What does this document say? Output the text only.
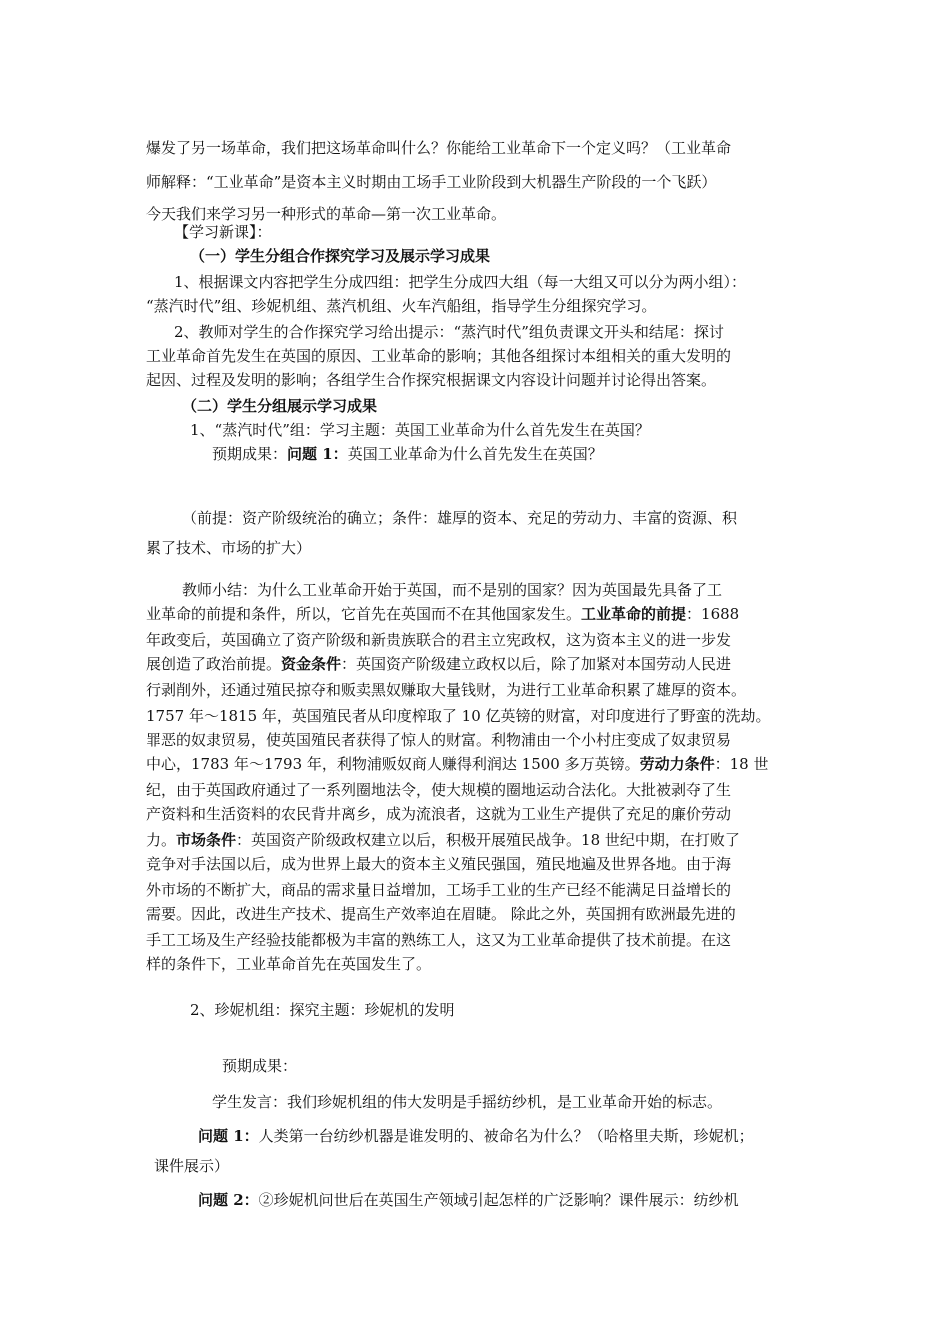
爆发了另一场革命，我们把这场革命叫什么？你能给工业革命下一个定义吗？（工业革命

师解释：“工业革命”是资本主义时期由工场手工业阶段到大机器生产阶段的一个飞跃）

今天我们来学习另一种形式的革命—第一次工业革命。

【学习新课】：

（一）学生分组合作探究学习及展示学习成果

1、根据课文内容把学生分成四组：把学生分成四大组（每一大组又可以分为两小组）：

“蒸汽时代”组、珍妮机组、蒸汽机组、火车汽船组，指导学生分组探究学习。

2、教师对学生的合作探究学习给出提示：“蒸汽时代”组负责课文开头和结尾：探讨

工业革命首先发生在英国的原因、工业革命的影响；其他各组探讨本组相关的重大发明的

起因、过程及发明的影响；各组学生合作探究根据课文内容设计问题并讨论得出答案。

（二）学生分组展示学习成果

1、“蒸汽时代”组：学习主题：英国工业革命为什么首先发生在英国？

预期成果：问题 1：英国工业革命为什么首先发生在英国？

（前提：资产阶级统治的确立；条件：雄厚的资本、充足的劳动力、丰富的资源、积

累了技术、市场的扩大）

教师小结：为什么工业革命开始于英国，而不是别的国家？因为英国最先具备了工

业革命的前提和条件，所以，它首先在英国而不在其他国家发生。工业革命的前提：1688

年政变后，英国确立了资产阶级和新贵族联合的君主立宪政权，这为资本主义的进一步发

展创造了政治前提。资金条件：英国资产阶级建立政权以后，除了加紧对本国劳动人民进

行剥削外，还通过殖民掠夺和贩卖黑奴赚取大量钱财，为进行工业革命积累了雄厚的资本。

1757 年～1815 年，英国殖民者从印度榨取了 10 亿英镑的财富，对印度进行了野蛮的洗劫。

罪恶的奴隶贸易，使英国殖民者获得了惊人的财富。利物浦由一个小村庄变成了奴隶贸易

中心，1783 年～1793 年，利物浦贩奴商人赚得利润达 1500 多万英镑。劳动力条件：18 世

纪，由于英国政府通过了一系列圈地法令，使大规模的圈地运动合法化。大批被剥夺了生

产资料和生活资料的农民背井离乡，成为流浪者，这就为工业生产提供了充足的廉价劳动

力。市场条件：英国资产阶级政权建立以后，积极开展殖民战争。18 世纪中期，在打败了

竞争对手法国以后，成为世界上最大的资本主义殖民强国，殖民地遍及世界各地。由于海

外市场的不断扩大，商品的需求量日益增加，工场手工业的生产已经不能满足日益增长的

需要。因此，改进生产技术、提高生产效率迫在眉睫。 除此之外，英国拥有欧洲最先进的

手工工场及生产经验技能都极为丰富的熟练工人，这又为工业革命提供了技术前提。在这

样的条件下，工业革命首先在英国发生了。

2、珍妮机组：探究主题：珍妮机的发明

预期成果：

学生发言：我们珍妮机组的伟大发明是手摇纺纱机，是工业革命开始的标志。

问题 1：人类第一台纺纱机器是谁发明的、被命名为什么？（哈格里夫斯，珍妮机；

课件展示）

问题 2：②珍妮机问世后在英国生产领域引起怎样的广泛影响？课件展示：纺纱机
